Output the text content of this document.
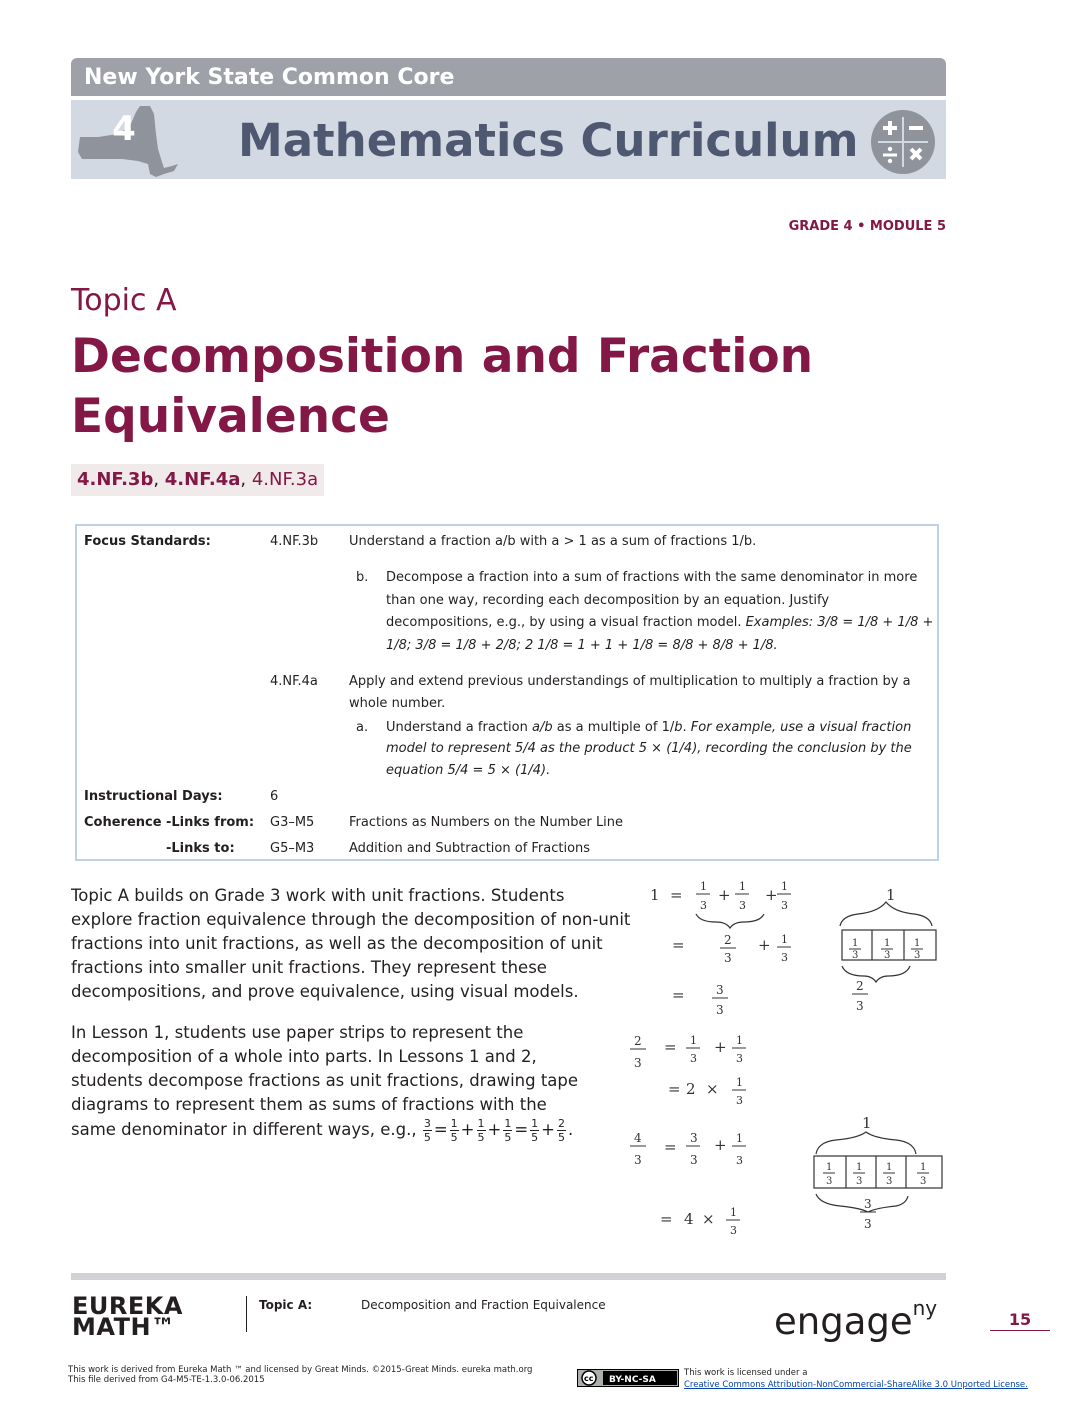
New York State Common Core
4 Mathematics Curriculum
GRADE 4 • MODULE 5
Topic A
Decomposition and Fraction Equivalence
4.NF.3b, 4.NF.4a, 4.NF.3a
Focus Standards:	4.NF.3b Understand a fraction a/b with a > 1 as a sum of fractions 1/b.
b. Decompose a fraction into a sum of fractions with the same denominator in more
than one way, recording each decomposition by an equation. Justify
decompositions, e.g., by using a visual fraction model. Examples: 3/8 = 1/8 + 1/8 +
1/8; 3/8 = 1/8 + 2/8; 2 1/8 = 1 + 1 + 1/8 = 8/8 + 8/8 + 1/8.
4.NF.4a Apply and extend previous understandings of multiplication to multiply a fraction by a
whole number.
a. Understand a fraction a/b as a multiple of 1/b. For example, use a visual fraction
model to represent 5/4 as the product 5 × (1/4), recording the conclusion by the
equation 5/4 = 5 × (1/4).
Instructional Days:	6
Coherence -Links from: G3–M5	Fractions as Numbers on the Number Line
-Links to:	G5–M3	Addition and Subtraction of Fractions
Topic A builds on Grade 3 work with unit fractions. Students explore fraction equivalence through the decomposition of non-unit fractions into unit fractions, as well as the decomposition of unit fractions into smaller unit fractions. They represent these decompositions, and prove equivalence, using visual models.
In Lesson 1, students use paper strips to represent the decomposition of a whole into parts. In Lessons 1 and 2, students decompose fractions as unit fractions, drawing tape diagrams to represent them as sums of fractions with the same denominator in different ways, e.g., $\frac{3}{5} = \frac{1}{5} + \frac{1}{5} + \frac{1}{5} = \frac{1}{5} + \frac{2}{5}$ .
1 = 1
3
+ 1
3
+ 1
3
=	2
3
+ 1
3
=	3
3
2
3
= 1
3
+ 1
3
= 2 × 1
3
4
3
= 3
3
+ 1
3
= 4 × 1
3
1
2
3
1
3
3
1
3
1
3
1
3
1
3
1
3
1
3
1
3
EUREKA
MATH™
Topic A:	Decomposition and Fraction Equivalence	engage$^{ny}$	15
This work is derived from Eureka Math ™ and licensed by Great Minds. ©2015-Great Minds. eureka math.org
This file derived from G4-M5-TE-1.3.0-06.2015	cc BY-NC-SA
This work is licensed under a
Creative Commons Attribution-NonCommercial-ShareAlike 3.0 Unported License.
